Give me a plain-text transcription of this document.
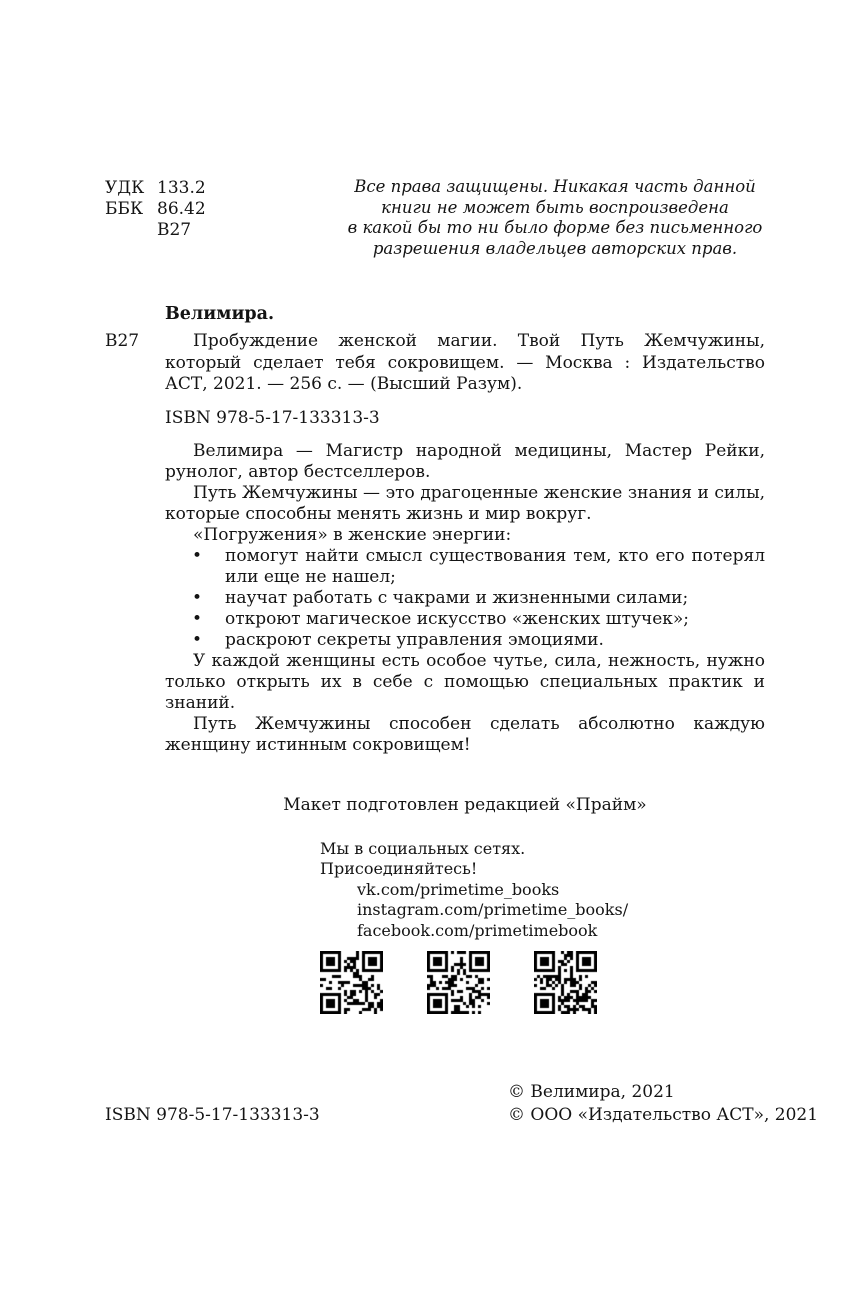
УДК 133.2
ББК 86.42
В27
Все права защищены. Никакая часть данной
книги не может быть воспроизведена
в какой бы то ни было форме без письменного
разрешения владельцев авторских прав.
Велимира.
В27	Пробуждение женской магии. Твой Путь Жемчужины, который сделает тебя сокровищем. — Москва : Издательство АСТ, 2021. — 256 с. — (Высший Разум).

ISBN 978-5-17-133313-3

Велимира — Магистр народной медицины, Мастер Рейки, рунолог, автор бестселлеров.

Путь Жемчужины — это драгоценные женские знания и силы, которые способны менять жизнь и мир вокруг.

«Погружения» в женские энергии:

• помогут найти смысл существования тем, кто его потерял или еще не нашел;
• научат работать с чакрами и жизненными силами;
• откроют магическое искусство «женских штучек»;
• раскроют секреты управления эмоциями.

У каждой женщины есть особое чутье, сила, нежность, нужно только открыть их в себе с помощью специальных практик и знаний.

Путь Жемчужины способен сделать абсолютно каждую женщину истинным сокровищем!

Макет подготовлен редакцией «Прайм»
Мы в социальных сетях.
Присоединяйтесь!
vk.com/primetime_books
instagram.com/primetime_books/
facebook.com/primetimebook
ISBN 978-5-17-133313-3
© Велимира, 2021
© ООО «Издательство АСТ», 2021
